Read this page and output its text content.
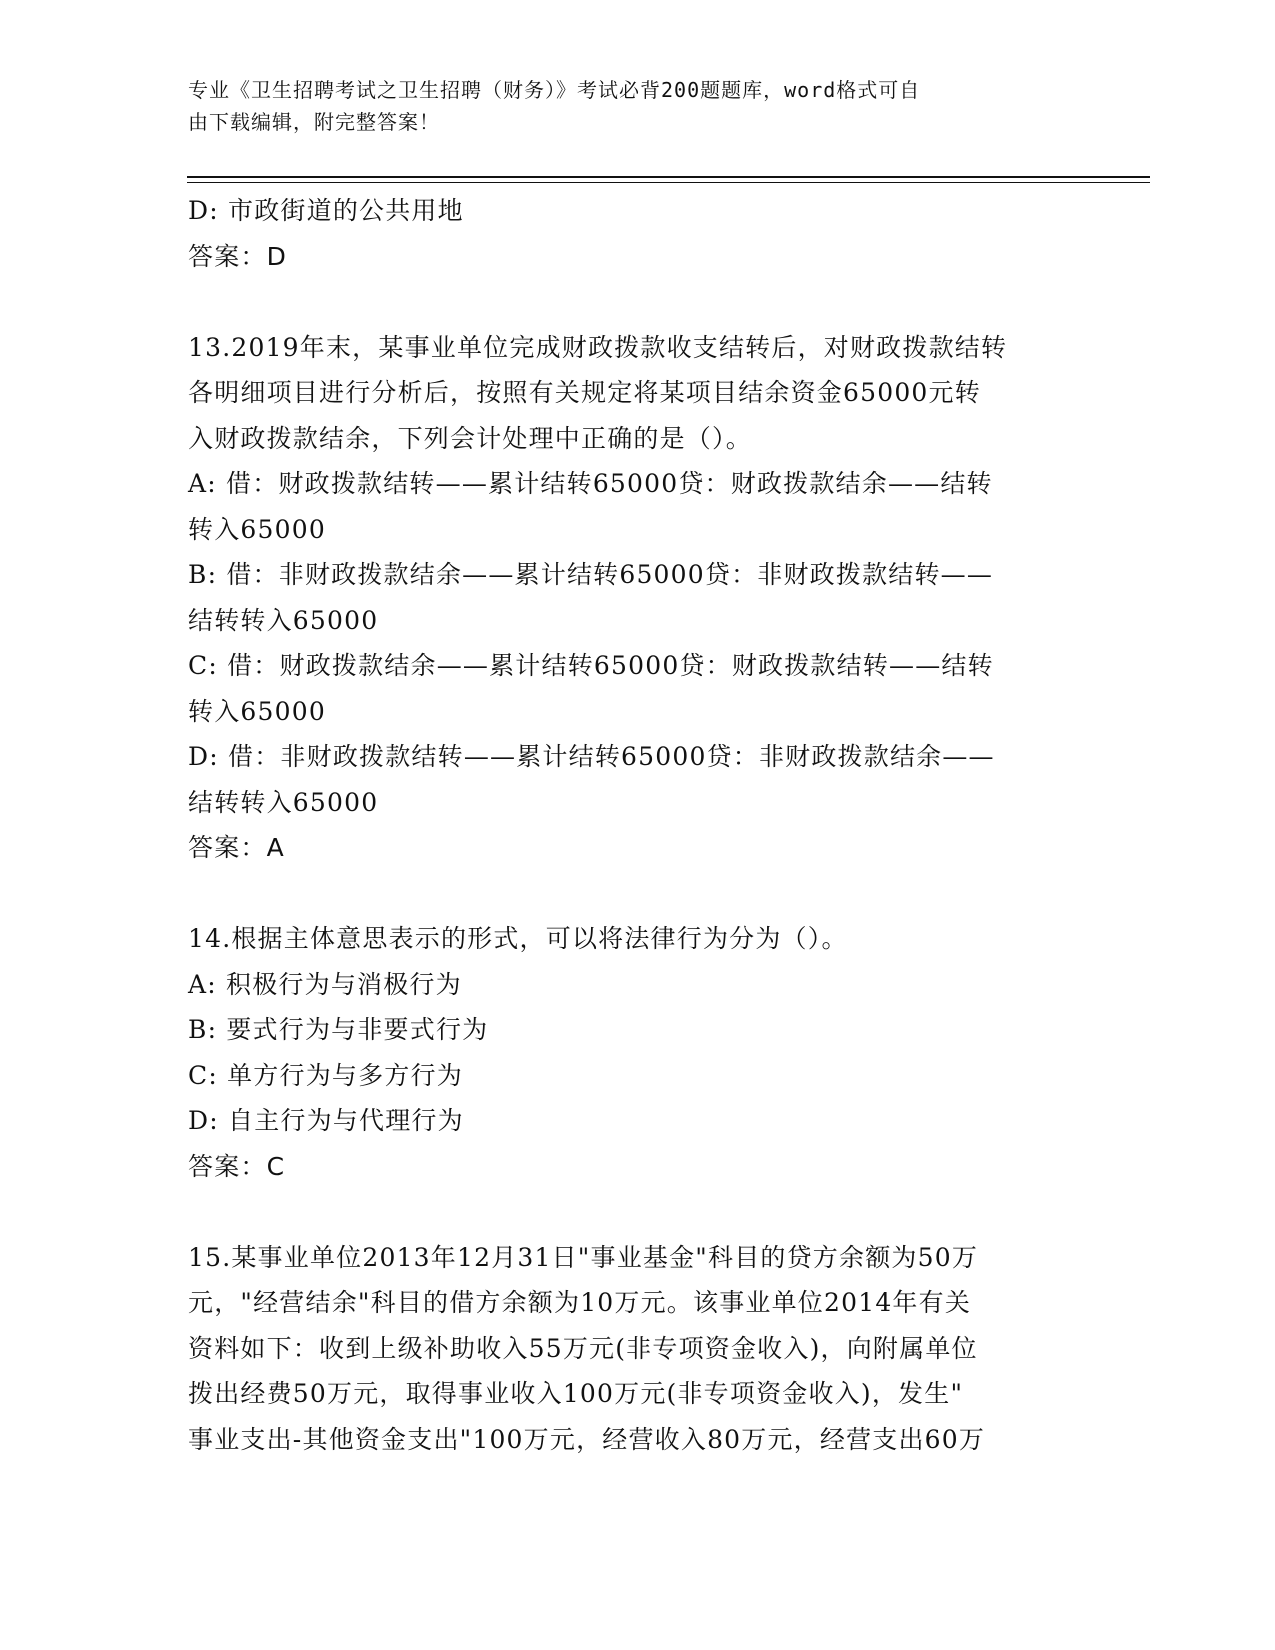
专业《卫生招聘考试之卫生招聘（财务）》考试必背200题题库，word格式可自
由下载编辑，附完整答案！
D: 市政街道的公共用地
答案：D
13.2019年末，某事业单位完成财政拨款收支结转后，对财政拨款结转
各明细项目进行分析后，按照有关规定将某项目结余资金65000元转
入财政拨款结余，下列会计处理中正确的是（）。
A: 借：财政拨款结转——累计结转65000贷：财政拨款结余——结转
转入65000
B: 借：非财政拨款结余——累计结转65000贷：非财政拨款结转——
结转转入65000
C: 借：财政拨款结余——累计结转65000贷：财政拨款结转——结转
转入65000
D: 借：非财政拨款结转——累计结转65000贷：非财政拨款结余——
结转转入65000
答案：A
14.根据主体意思表示的形式，可以将法律行为分为（）。
A: 积极行为与消极行为
B: 要式行为与非要式行为
C: 单方行为与多方行为
D: 自主行为与代理行为
答案：C
15.某事业单位2013年12月31日"事业基金"科目的贷方余额为50万
元，"经营结余"科目的借方余额为10万元。该事业单位2014年有关
资料如下：收到上级补助收入55万元(非专项资金收入)，向附属单位
拨出经费50万元，取得事业收入100万元(非专项资金收入)，发生"
事业支出-其他资金支出"100万元，经营收入80万元，经营支出60万
